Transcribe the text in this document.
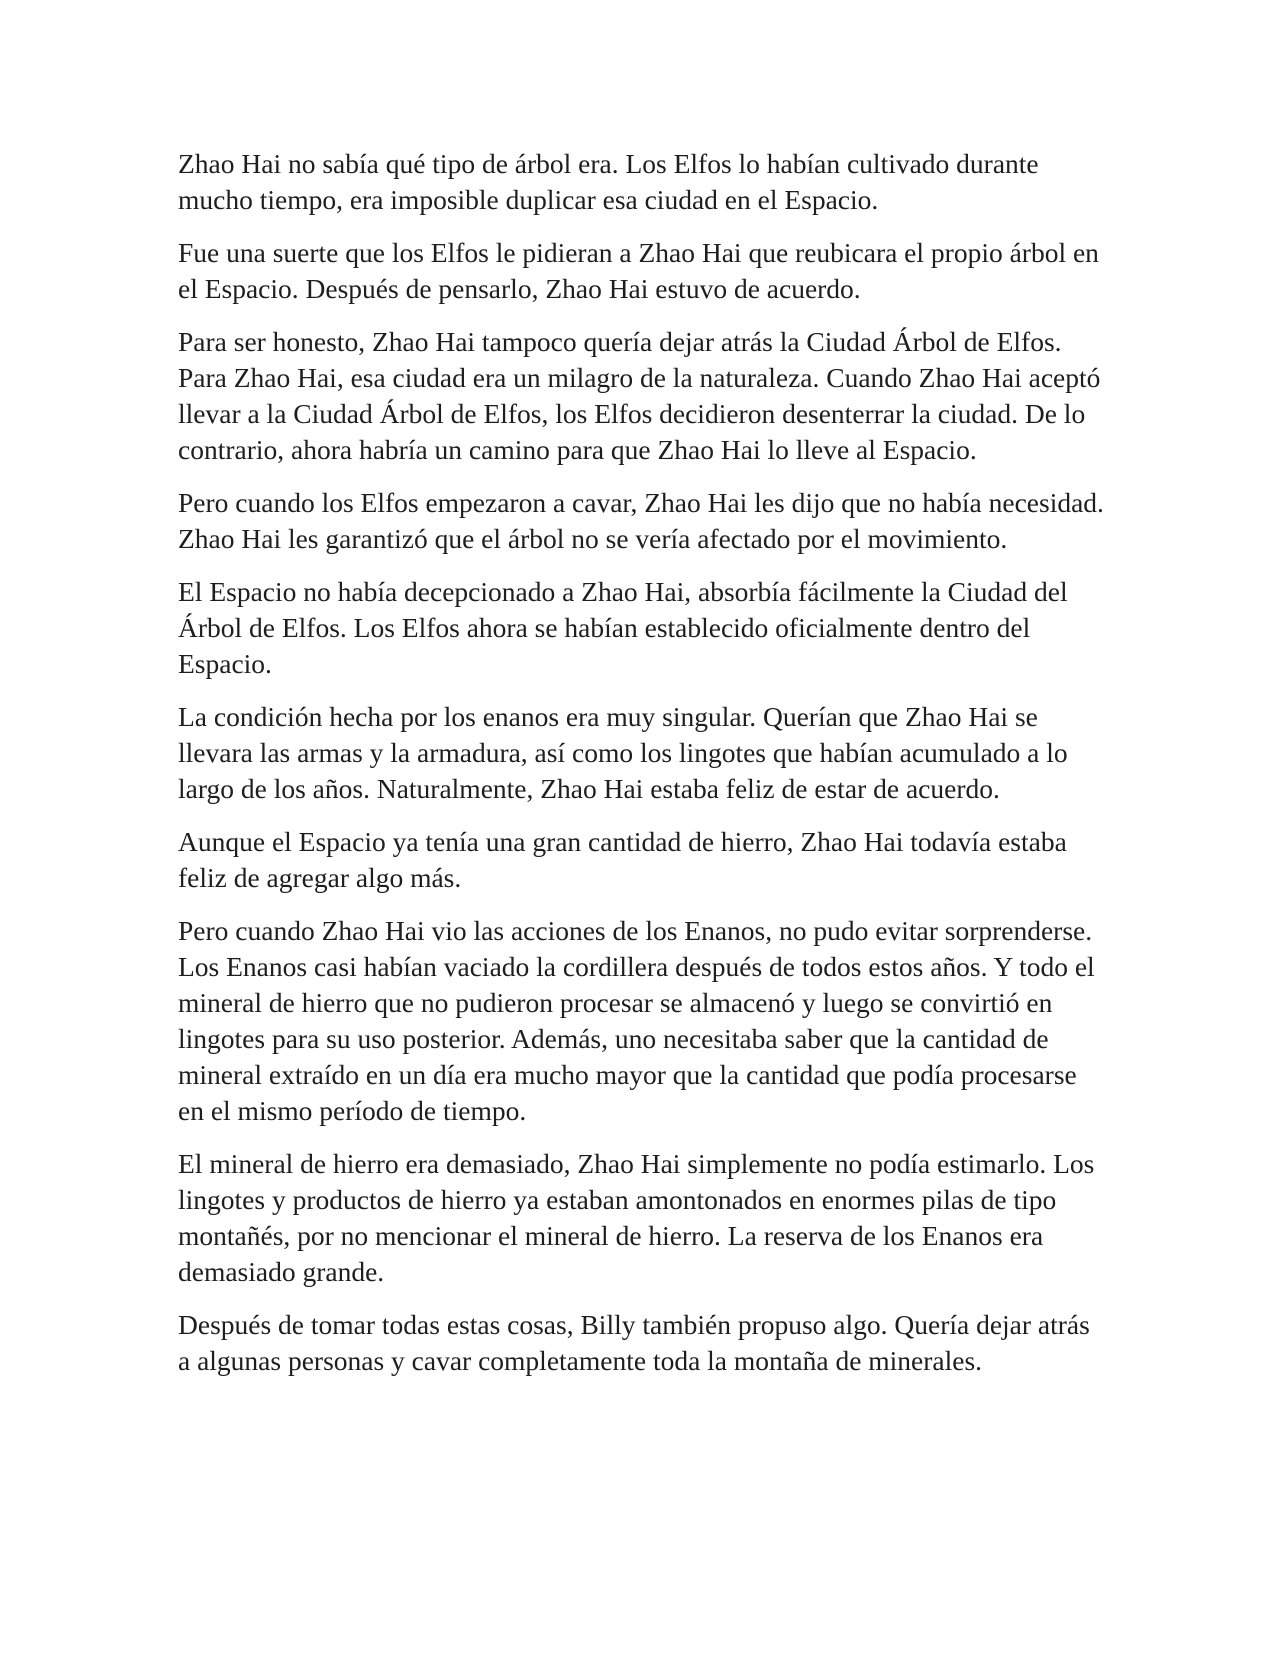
Zhao Hai no sabía qué tipo de árbol era. Los Elfos lo habían cultivado durante mucho tiempo, era imposible duplicar esa ciudad en el Espacio.

Fue una suerte que los Elfos le pidieran a Zhao Hai que reubicara el propio árbol en el Espacio. Después de pensarlo, Zhao Hai estuvo de acuerdo.

Para ser honesto, Zhao Hai tampoco quería dejar atrás la Ciudad Árbol de Elfos. Para Zhao Hai, esa ciudad era un milagro de la naturaleza. Cuando Zhao Hai aceptó llevar a la Ciudad Árbol de Elfos, los Elfos decidieron desenterrar la ciudad. De lo contrario, ahora habría un camino para que Zhao Hai lo lleve al Espacio.

Pero cuando los Elfos empezaron a cavar, Zhao Hai les dijo que no había necesidad. Zhao Hai les garantizó que el árbol no se vería afectado por el movimiento.

El Espacio no había decepcionado a Zhao Hai, absorbía fácilmente la Ciudad del Árbol de Elfos. Los Elfos ahora se habían establecido oficialmente dentro del Espacio.

La condición hecha por los enanos era muy singular. Querían que Zhao Hai se llevara las armas y la armadura, así como los lingotes que habían acumulado a lo largo de los años. Naturalmente, Zhao Hai estaba feliz de estar de acuerdo.

Aunque el Espacio ya tenía una gran cantidad de hierro, Zhao Hai todavía estaba feliz de agregar algo más.

Pero cuando Zhao Hai vio las acciones de los Enanos, no pudo evitar sorprenderse. Los Enanos casi habían vaciado la cordillera después de todos estos años. Y todo el mineral de hierro que no pudieron procesar se almacenó y luego se convirtió en lingotes para su uso posterior. Además, uno necesitaba saber que la cantidad de mineral extraído en un día era mucho mayor que la cantidad que podía procesarse en el mismo período de tiempo.

El mineral de hierro era demasiado, Zhao Hai simplemente no podía estimarlo. Los lingotes y productos de hierro ya estaban amontonados en enormes pilas de tipo montañés, por no mencionar el mineral de hierro. La reserva de los Enanos era demasiado grande.

Después de tomar todas estas cosas, Billy también propuso algo. Quería dejar atrás a algunas personas y cavar completamente toda la montaña de minerales.
